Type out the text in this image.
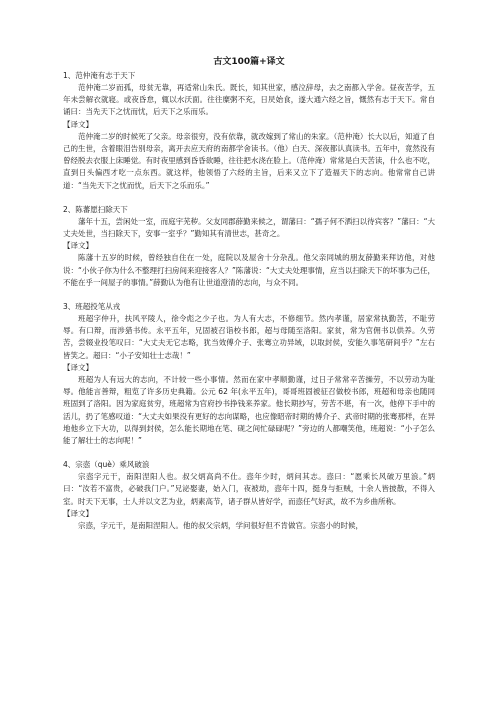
古文100篇+译文
1、范仲淹有志于天下

范仲淹二岁而孤，母贫无靠，再适常山朱氏。既长，知其世家，感泣辞母，去之南都入学舍。昼夜苦学，五年未尝解衣就寝。或夜昏怠，辄以水沃面。往往糜粥不充，日昃始食，遂大通六经之旨，慨然有志于天下。常自诵曰：当先天下之忧而忧，后天下之乐而乐。

【译文】

范仲淹二岁的时候死了父亲。母亲很穷，没有依靠，就改嫁到了常山的朱家。（范仲淹）长大以后，知道了自己的生世，含着眼泪告别母亲，离开去应天府的南都学舍读书。（他）白天、深夜都认真读书。五年中，竟然没有曾经脱去衣服上床睡觉。有时夜里感到昏昏欲睡，往往把水浇在脸上。（范仲淹）常常是白天苦读，什么也不吃，直到日头偏西才吃一点东西。就这样，他领悟了六经的主旨，后来又立下了造福天下的志向。他常常自己讲道：“当先天下之忧而忧，后天下之乐而乐。”

2、陈蕃愿扫除天下

藩年十五，尝闲处一室，而庭宇芜秽。父友同郡薛勤来候之，谓藩曰：“孺子何不洒扫以待宾客？”藩曰：“大丈夫处世，当扫除天下，安事一室乎？”勤知其有清世志，甚奇之。

【译文】

陈藩十五岁的时候，曾经独自住在一处，庭院以及屋舍十分杂乱。他父亲同城的朋友薛勤来拜访他，对他说：“小伙子你为什么不整理打扫房间来迎接客人？”陈藩说：“大丈夫处理事情，应当以扫除天下的坏事为己任，不能在乎一间屋子的事情。”薛勤认为他有让世道澄清的志向，与众不同。

3、班超投笔从戎

班超字仲升，扶风平陵人，徐令彪之少子也。为人有大志，不修细节。然内孝谨，居家常执勤苦，不耻劳辱。有口辩，而涉猎书传。永平五年，兄固被召诣校书郎，超与母随至洛阳。家贫，常为官佣书以供养。久劳苦，尝辍业投笔叹曰：“大丈夫无它志略，犹当效傅介子、张骞立功异域，以取封侯，安能久事笔研间乎？”左右皆笑之。超曰：“小子安知壮士志哉！”

【译文】

班超为人有远大的志向，不计较一些小事情。然而在家中孝顺勤谨，过日子常常辛苦操劳，不以劳动为耻辱。他能言善辩，粗览了许多历史典籍。公元 62 年(永平五年)，哥哥班固被征召做校书郎，班超和母亲也随同班固到了洛阳。因为家庭贫穷，班超常为官府抄书挣钱来养家。他长期抄写，劳苦不堪，有一次，他停下手中的活儿，扔了笔感叹道：“大丈夫如果没有更好的志向谋略，也应像昭帝时期的傅介子、武帝时期的张骞那样，在异地他乡立下大功，以得到封侯，怎么能长期地在笔、砚之间忙碌碌呢？”旁边的人都嘲笑他，班超说：“小子怎么能了解壮士的志向呢！”

4、宗悫（què）乘风破浪

宗悫字元干，南阳涅阳人也。叔父炳高尚不仕。悫年少时，炳问其志。悫曰：“愿乘长风破万里浪。”炳曰：“汝若不富贵，必破我门户。”兄泌娶妻，始入门，夜被劫，悫年十四，挺身与拒贼，十余人皆披散，不得入室。时天下无事，士人并以文艺为业，炳素高节，诸子群从皆好学，而悫任气好武，故不为乡曲所称。

【译文】

宗悫，字元干，是南阳涅阳人。他的叔父宗炳，学问很好但不肯做官。宗悫小的时候，
